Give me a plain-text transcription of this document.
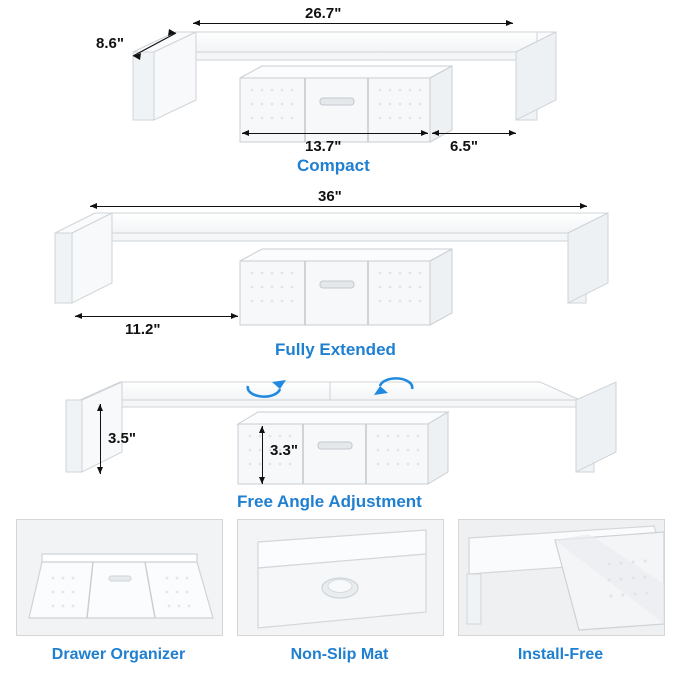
26.7"
8.6"
13.7"	6.5"
Compact
36"
11.2"
Fully Extended
3.5"
3.3"
Free Angle Adjustment
Drawer Organizer	Non-Slip Mat	Install-Free
